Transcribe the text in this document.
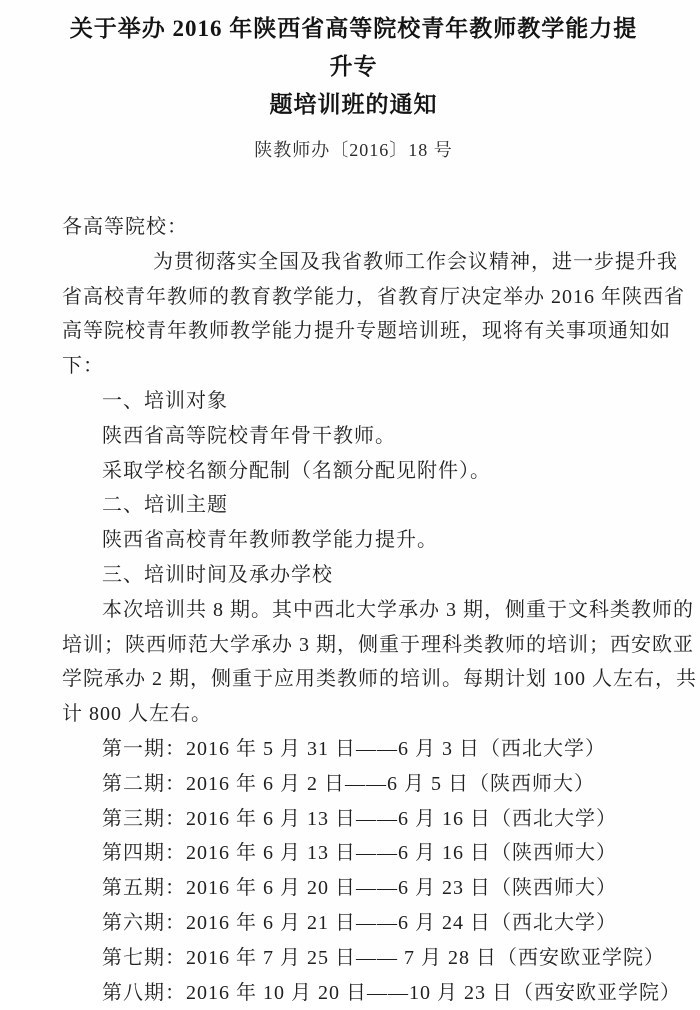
关于举办 2016 年陕西省高等院校青年教师教学能力提升专
题培训班的通知
陕教师办〔2016〕18 号
各高等院校：
为贯彻落实全国及我省教师工作会议精神，进一步提升我
省高校青年教师的教育教学能力，省教育厅决定举办 2016 年陕西省
高等院校青年教师教学能力提升专题培训班，现将有关事项通知如
下：
一、培训对象
陕西省高等院校青年骨干教师。
采取学校名额分配制（名额分配见附件）。
二、培训主题
陕西省高校青年教师教学能力提升。
三、培训时间及承办学校
本次培训共 8 期。其中西北大学承办 3 期，侧重于文科类教师的
培训；陕西师范大学承办 3 期，侧重于理科类教师的培训；西安欧亚
学院承办 2 期，侧重于应用类教师的培训。每期计划 100 人左右，共
计 800 人左右。
第一期：2016 年 5 月 31 日——6 月 3 日（西北大学）
第二期：2016 年 6 月 2 日——6 月 5 日（陕西师大）
第三期：2016 年 6 月 13 日——6 月 16 日（西北大学）
第四期：2016 年 6 月 13 日——6 月 16 日（陕西师大）
第五期：2016 年 6 月 20 日——6 月 23 日（陕西师大）
第六期：2016 年 6 月 21 日——6 月 24 日（西北大学）
第七期：2016 年 7 月 25 日—— 7 月 28 日（西安欧亚学院）
第八期：2016 年 10 月 20 日——10 月 23 日（西安欧亚学院）
